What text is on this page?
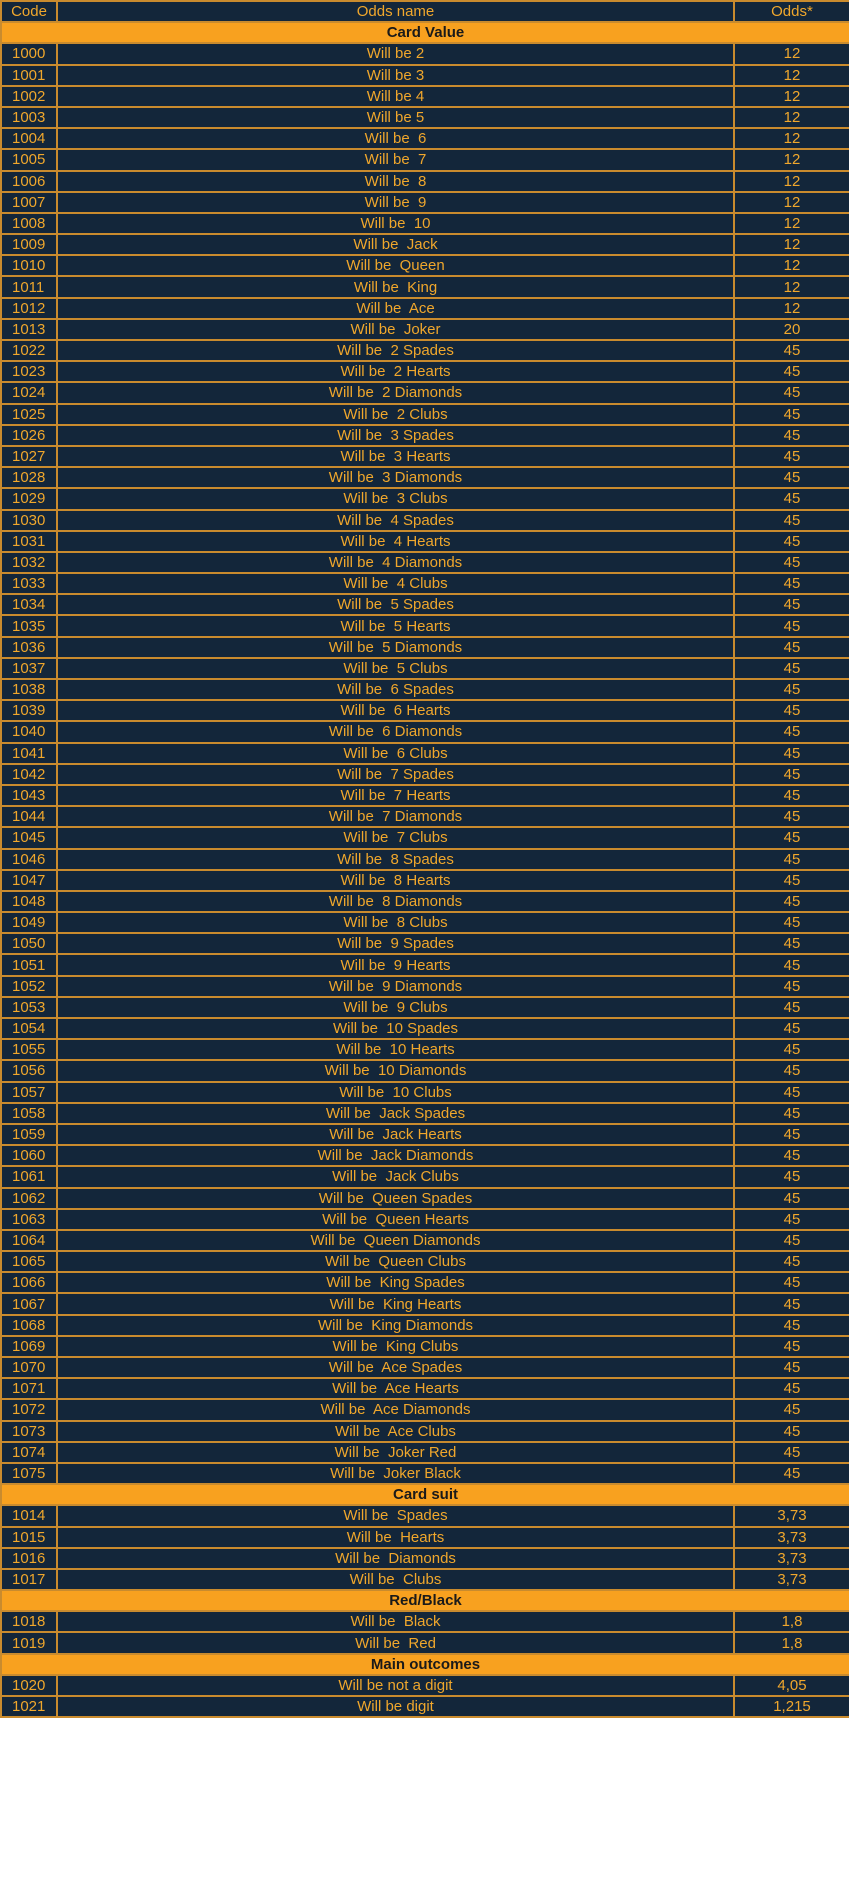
Code	Odds name	Odds*
Card Value		
1000	Will be 2	12
1001	Will be 3	12
1002	Will be 4	12
1003	Will be 5	12
1004	Will be  6	12
1005	Will be  7	12
1006	Will be  8	12
1007	Will be  9	12
1008	Will be  10	12
1009	Will be  Jack	12
1010	Will be  Queen	12
1011	Will be  King	12
1012	Will be  Ace	12
1013	Will be  Joker	20
1022	Will be  2 Spades	45
1023	Will be  2 Hearts	45
1024	Will be  2 Diamonds	45
1025	Will be  2 Clubs	45
1026	Will be  3 Spades	45
1027	Will be  3 Hearts	45
1028	Will be  3 Diamonds	45
1029	Will be  3 Clubs	45
1030	Will be  4 Spades	45
1031	Will be  4 Hearts	45
1032	Will be  4 Diamonds	45
1033	Will be  4 Clubs	45
1034	Will be  5 Spades	45
1035	Will be  5 Hearts	45
1036	Will be  5 Diamonds	45
1037	Will be  5 Clubs	45
1038	Will be  6 Spades	45
1039	Will be  6 Hearts	45
1040	Will be  6 Diamonds	45
1041	Will be  6 Clubs	45
1042	Will be  7 Spades	45
1043	Will be  7 Hearts	45
1044	Will be  7 Diamonds	45
1045	Will be  7 Clubs	45
1046	Will be  8 Spades	45
1047	Will be  8 Hearts	45
1048	Will be  8 Diamonds	45
1049	Will be  8 Clubs	45
1050	Will be  9 Spades	45
1051	Will be  9 Hearts	45
1052	Will be  9 Diamonds	45
1053	Will be  9 Clubs	45
1054	Will be  10 Spades	45
1055	Will be  10 Hearts	45
1056	Will be  10 Diamonds	45
1057	Will be  10 Clubs	45
1058	Will be  Jack Spades	45
1059	Will be  Jack Hearts	45
1060	Will be  Jack Diamonds	45
1061	Will be  Jack Clubs	45
1062	Will be  Queen Spades	45
1063	Will be  Queen Hearts	45
1064	Will be  Queen Diamonds	45
1065	Will be  Queen Clubs	45
1066	Will be  King Spades	45
1067	Will be  King Hearts	45
1068	Will be  King Diamonds	45
1069	Will be  King Clubs	45
1070	Will be  Ace Spades	45
1071	Will be  Ace Hearts	45
1072	Will be  Ace Diamonds	45
1073	Will be  Ace Clubs	45
1074	Will be  Joker Red	45
1075	Will be  Joker Black	45
Card suit		
1014	Will be  Spades	3,73
1015	Will be  Hearts	3,73
1016	Will be  Diamonds	3,73
1017	Will be  Clubs	3,73
Red/Black		
1018	Will be  Black	1,8
1019	Will be  Red	1,8
Main outcomes		
1020	Will be not a digit	4,05
1021	Will be digit	1,215
